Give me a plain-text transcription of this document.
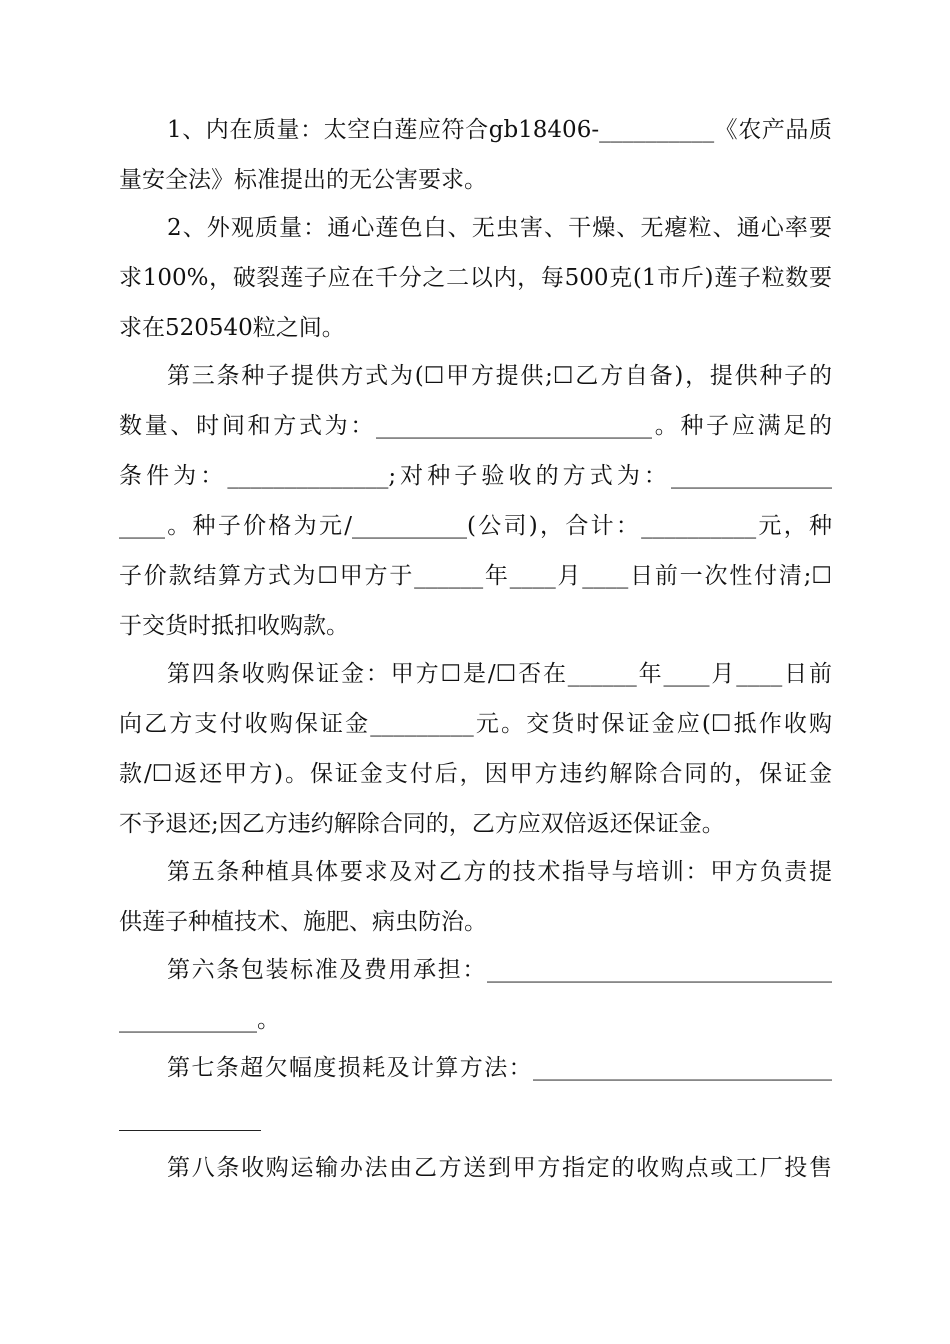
1、内在质量：太空白莲应符合gb18406-__________《农产品质
量安全法》标准提出的无公害要求。
2、外观质量：通心莲色白、无虫害、干燥、无瘪粒、通心率要
求100%，破裂莲子应在千分之二以内，每500克(1市斤)莲子粒数要
求在520540粒之间。
第三条种子提供方式为(☐甲方提供;☐乙方自备)，提供种子的
数量、时间和方式为：________________________。种子应满足的
条件为：______________;对种子验收的方式为：______________
____。种子价格为元/__________(公司)，合计：__________元，种
子价款结算方式为☐甲方于______年____月____日前一次性付清;☐
于交货时抵扣收购款。
第四条收购保证金：甲方☐是/☐否在______年____月____日前
向乙方支付收购保证金_________元。交货时保证金应(☐抵作收购
款/☐返还甲方)。保证金支付后，因甲方违约解除合同的，保证金
不予退还;因乙方违约解除合同的，乙方应双倍返还保证金。
第五条种植具体要求及对乙方的技术指导与培训：甲方负责提
供莲子种植技术、施肥、病虫防治。
第六条包装标准及费用承担：______________________________
____________。
第七条超欠幅度损耗及计算方法：__________________________
第八条收购运输办法由乙方送到甲方指定的收购点或工厂投售
